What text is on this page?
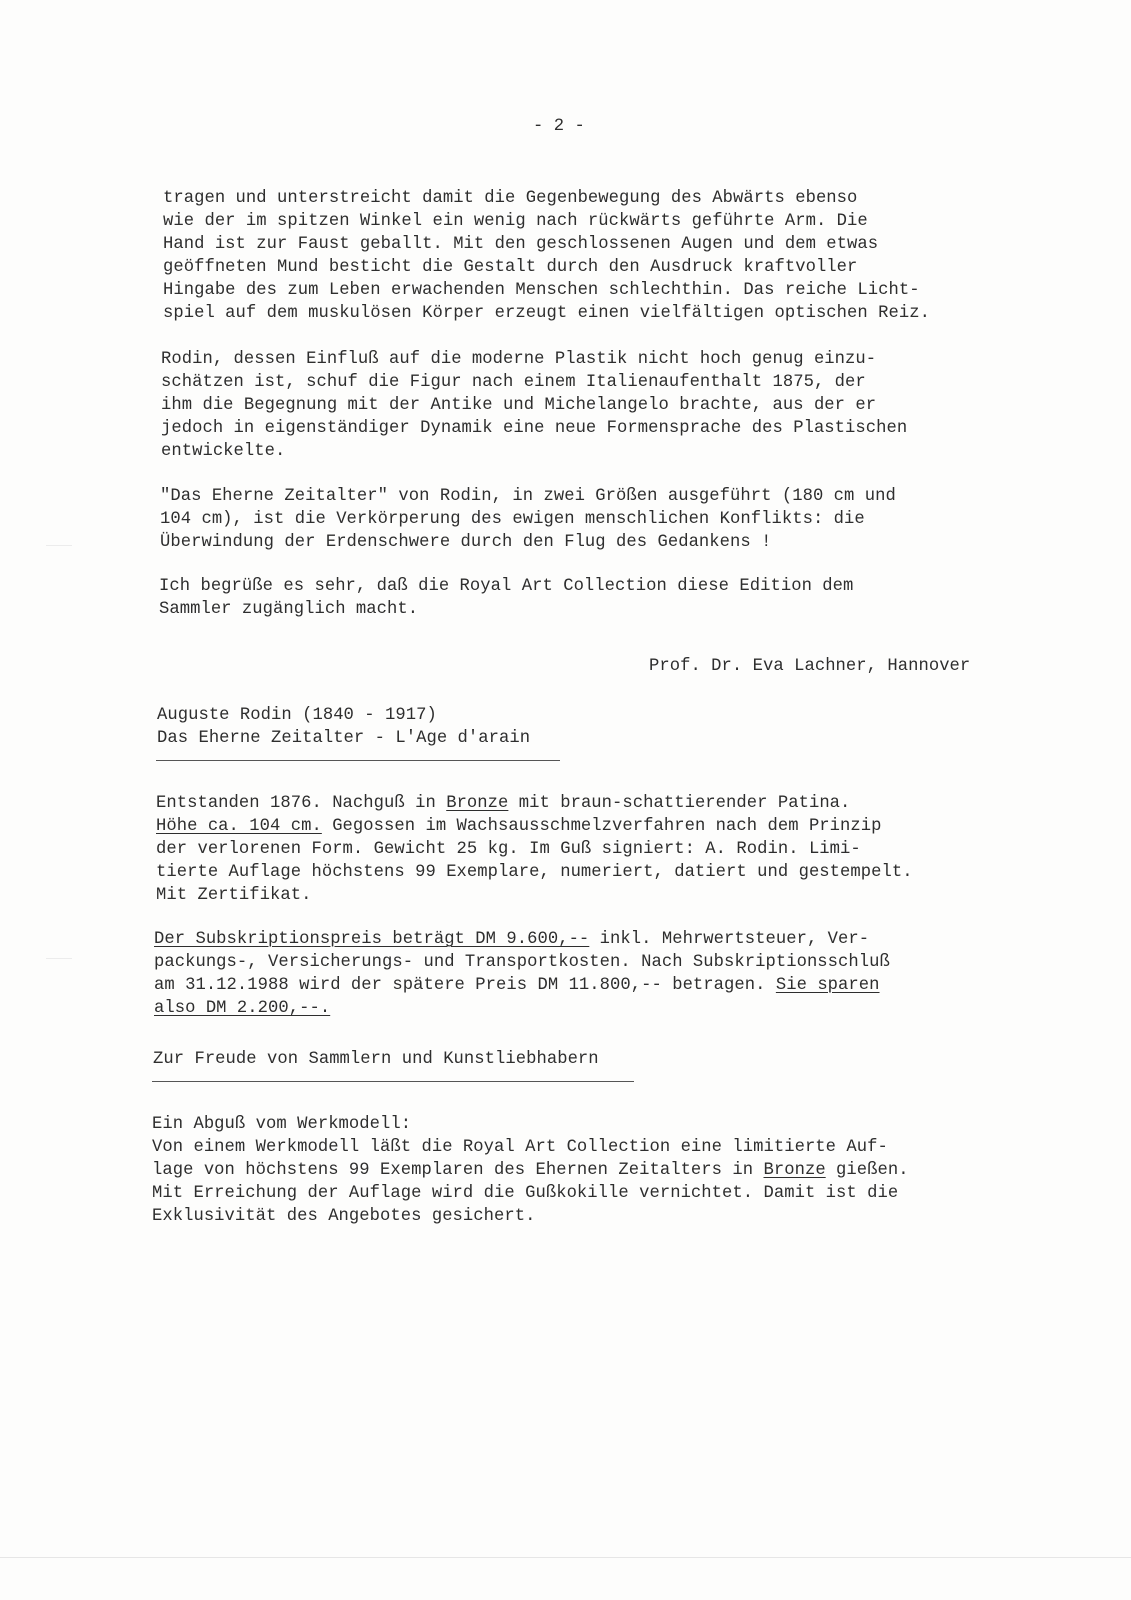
- 2 -
tragen und unterstreicht damit die Gegenbewegung des Abwärts ebenso
wie der im spitzen Winkel ein wenig nach rückwärts geführte Arm. Die
Hand ist zur Faust geballt. Mit den geschlossenen Augen und dem etwas
geöffneten Mund besticht die Gestalt durch den Ausdruck kraftvoller
Hingabe des zum Leben erwachenden Menschen schlechthin. Das reiche Licht-
spiel auf dem muskulösen Körper erzeugt einen vielfältigen optischen Reiz.
Rodin, dessen Einfluß auf die moderne Plastik nicht hoch genug einzu-
schätzen ist, schuf die Figur nach einem Italienaufenthalt 1875, der
ihm die Begegnung mit der Antike und Michelangelo brachte, aus der er
jedoch in eigenständiger Dynamik eine neue Formensprache des Plastischen
entwickelte.
"Das Eherne Zeitalter" von Rodin, in zwei Größen ausgeführt (180 cm und
104 cm), ist die Verkörperung des ewigen menschlichen Konflikts: die
Überwindung der Erdenschwere durch den Flug des Gedankens !
Ich begrüße es sehr, daß die Royal Art Collection diese Edition dem
Sammler zugänglich macht.
Prof. Dr. Eva Lachner, Hannover
Auguste Rodin (1840 - 1917)
Das Eherne Zeitalter - L'Age d'arain
Entstanden 1876. Nachguß in Bronze mit braun-schattierender Patina.
Höhe ca. 104 cm. Gegossen im Wachsausschmelzverfahren nach dem Prinzip
der verlorenen Form. Gewicht 25 kg. Im Guß signiert: A. Rodin. Limi-
tierte Auflage höchstens 99 Exemplare, numeriert, datiert und gestempelt.
Mit Zertifikat.
Der Subskriptionspreis beträgt DM 9.600,-- inkl. Mehrwertsteuer, Ver-
packungs-, Versicherungs- und Transportkosten. Nach Subskriptionsschluß
am 31.12.1988 wird der spätere Preis DM 11.800,-- betragen. Sie sparen
also DM 2.200,--.
Zur Freude von Sammlern und Kunstliebhabern
Ein Abguß vom Werkmodell:
Von einem Werkmodell läßt die Royal Art Collection eine limitierte Auf-
lage von höchstens 99 Exemplaren des Ehernen Zeitalters in Bronze gießen.
Mit Erreichung der Auflage wird die Gußkokille vernichtet. Damit ist die
Exklusivität des Angebotes gesichert.
